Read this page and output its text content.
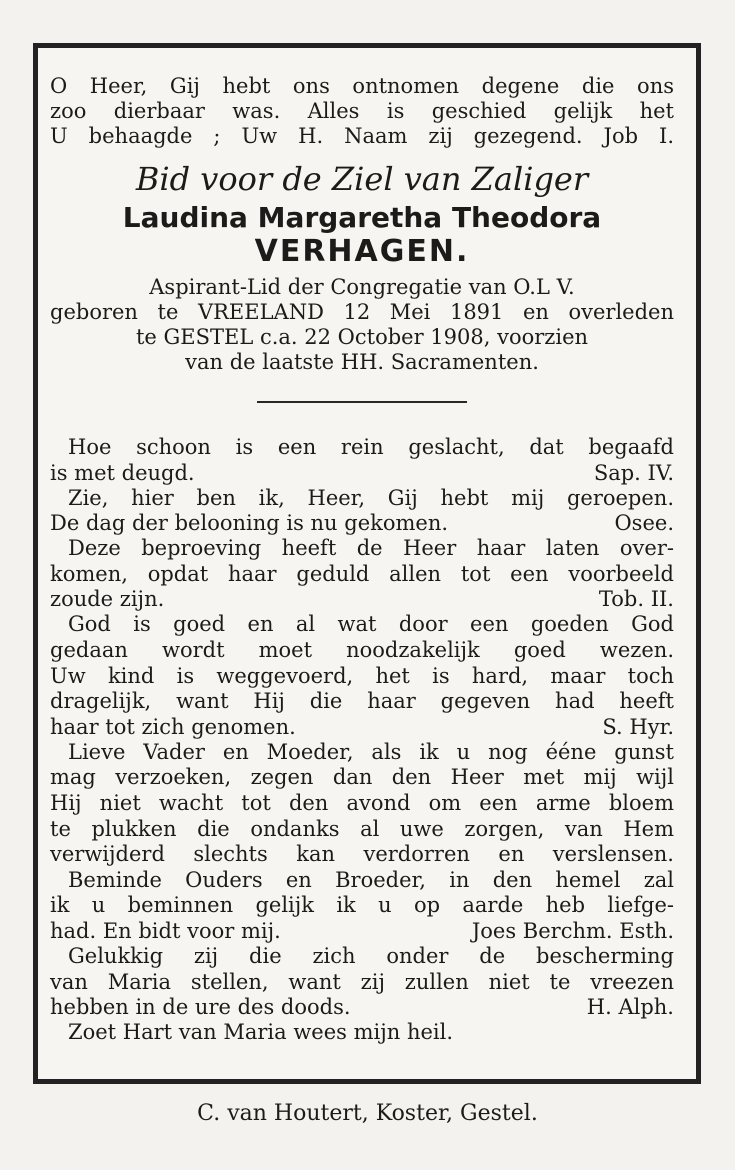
O Heer, Gij hebt ons ontnomen degene die ons
zoo dierbaar was. Alles is geschied gelijk het
U behaagde ; Uw H. Naam zij gezegend. Job I.
Bid voor de Ziel van Zaliger
Laudina Margaretha Theodora
VERHAGEN.
Aspirant-Lid der Congregatie van O.L V.
geboren te VREELAND 12 Mei 1891 en overleden
te GESTEL c.a. 22 October 1908, voorzien
van de laatste HH. Sacramenten.
Hoe schoon is een rein geslacht, dat begaafd
is met deugd.	Sap. IV.
Zie, hier ben ik, Heer, Gij hebt mij geroepen.
De dag der belooning is nu gekomen.	Osee.
Deze beproeving heeft de Heer haar laten over-
komen, opdat haar geduld allen tot een voorbeeld
zoude zijn.	Tob. II.
God is goed en al wat door een goeden God
gedaan wordt moet noodzakelijk goed wezen.
Uw kind is weggevoerd, het is hard, maar toch
dragelijk, want Hij die haar gegeven had heeft
haar tot zich genomen.	S. Hyr.
Lieve Vader en Moeder, als ik u nog ééne gunst
mag verzoeken, zegen dan den Heer met mij wijl
Hij niet wacht tot den avond om een arme bloem
te plukken die ondanks al uwe zorgen, van Hem
verwijderd slechts kan verdorren en verslensen.
Beminde Ouders en Broeder, in den hemel zal
ik u beminnen gelijk ik u op aarde heb liefge-
had. En bidt voor mij.	Joes Berchm. Esth.
Gelukkig zij die zich onder de bescherming
van Maria stellen, want zij zullen niet te vreezen
hebben in de ure des doods.	H. Alph.
Zoet Hart van Maria wees mijn heil.
C. van Houtert, Koster, Gestel.
